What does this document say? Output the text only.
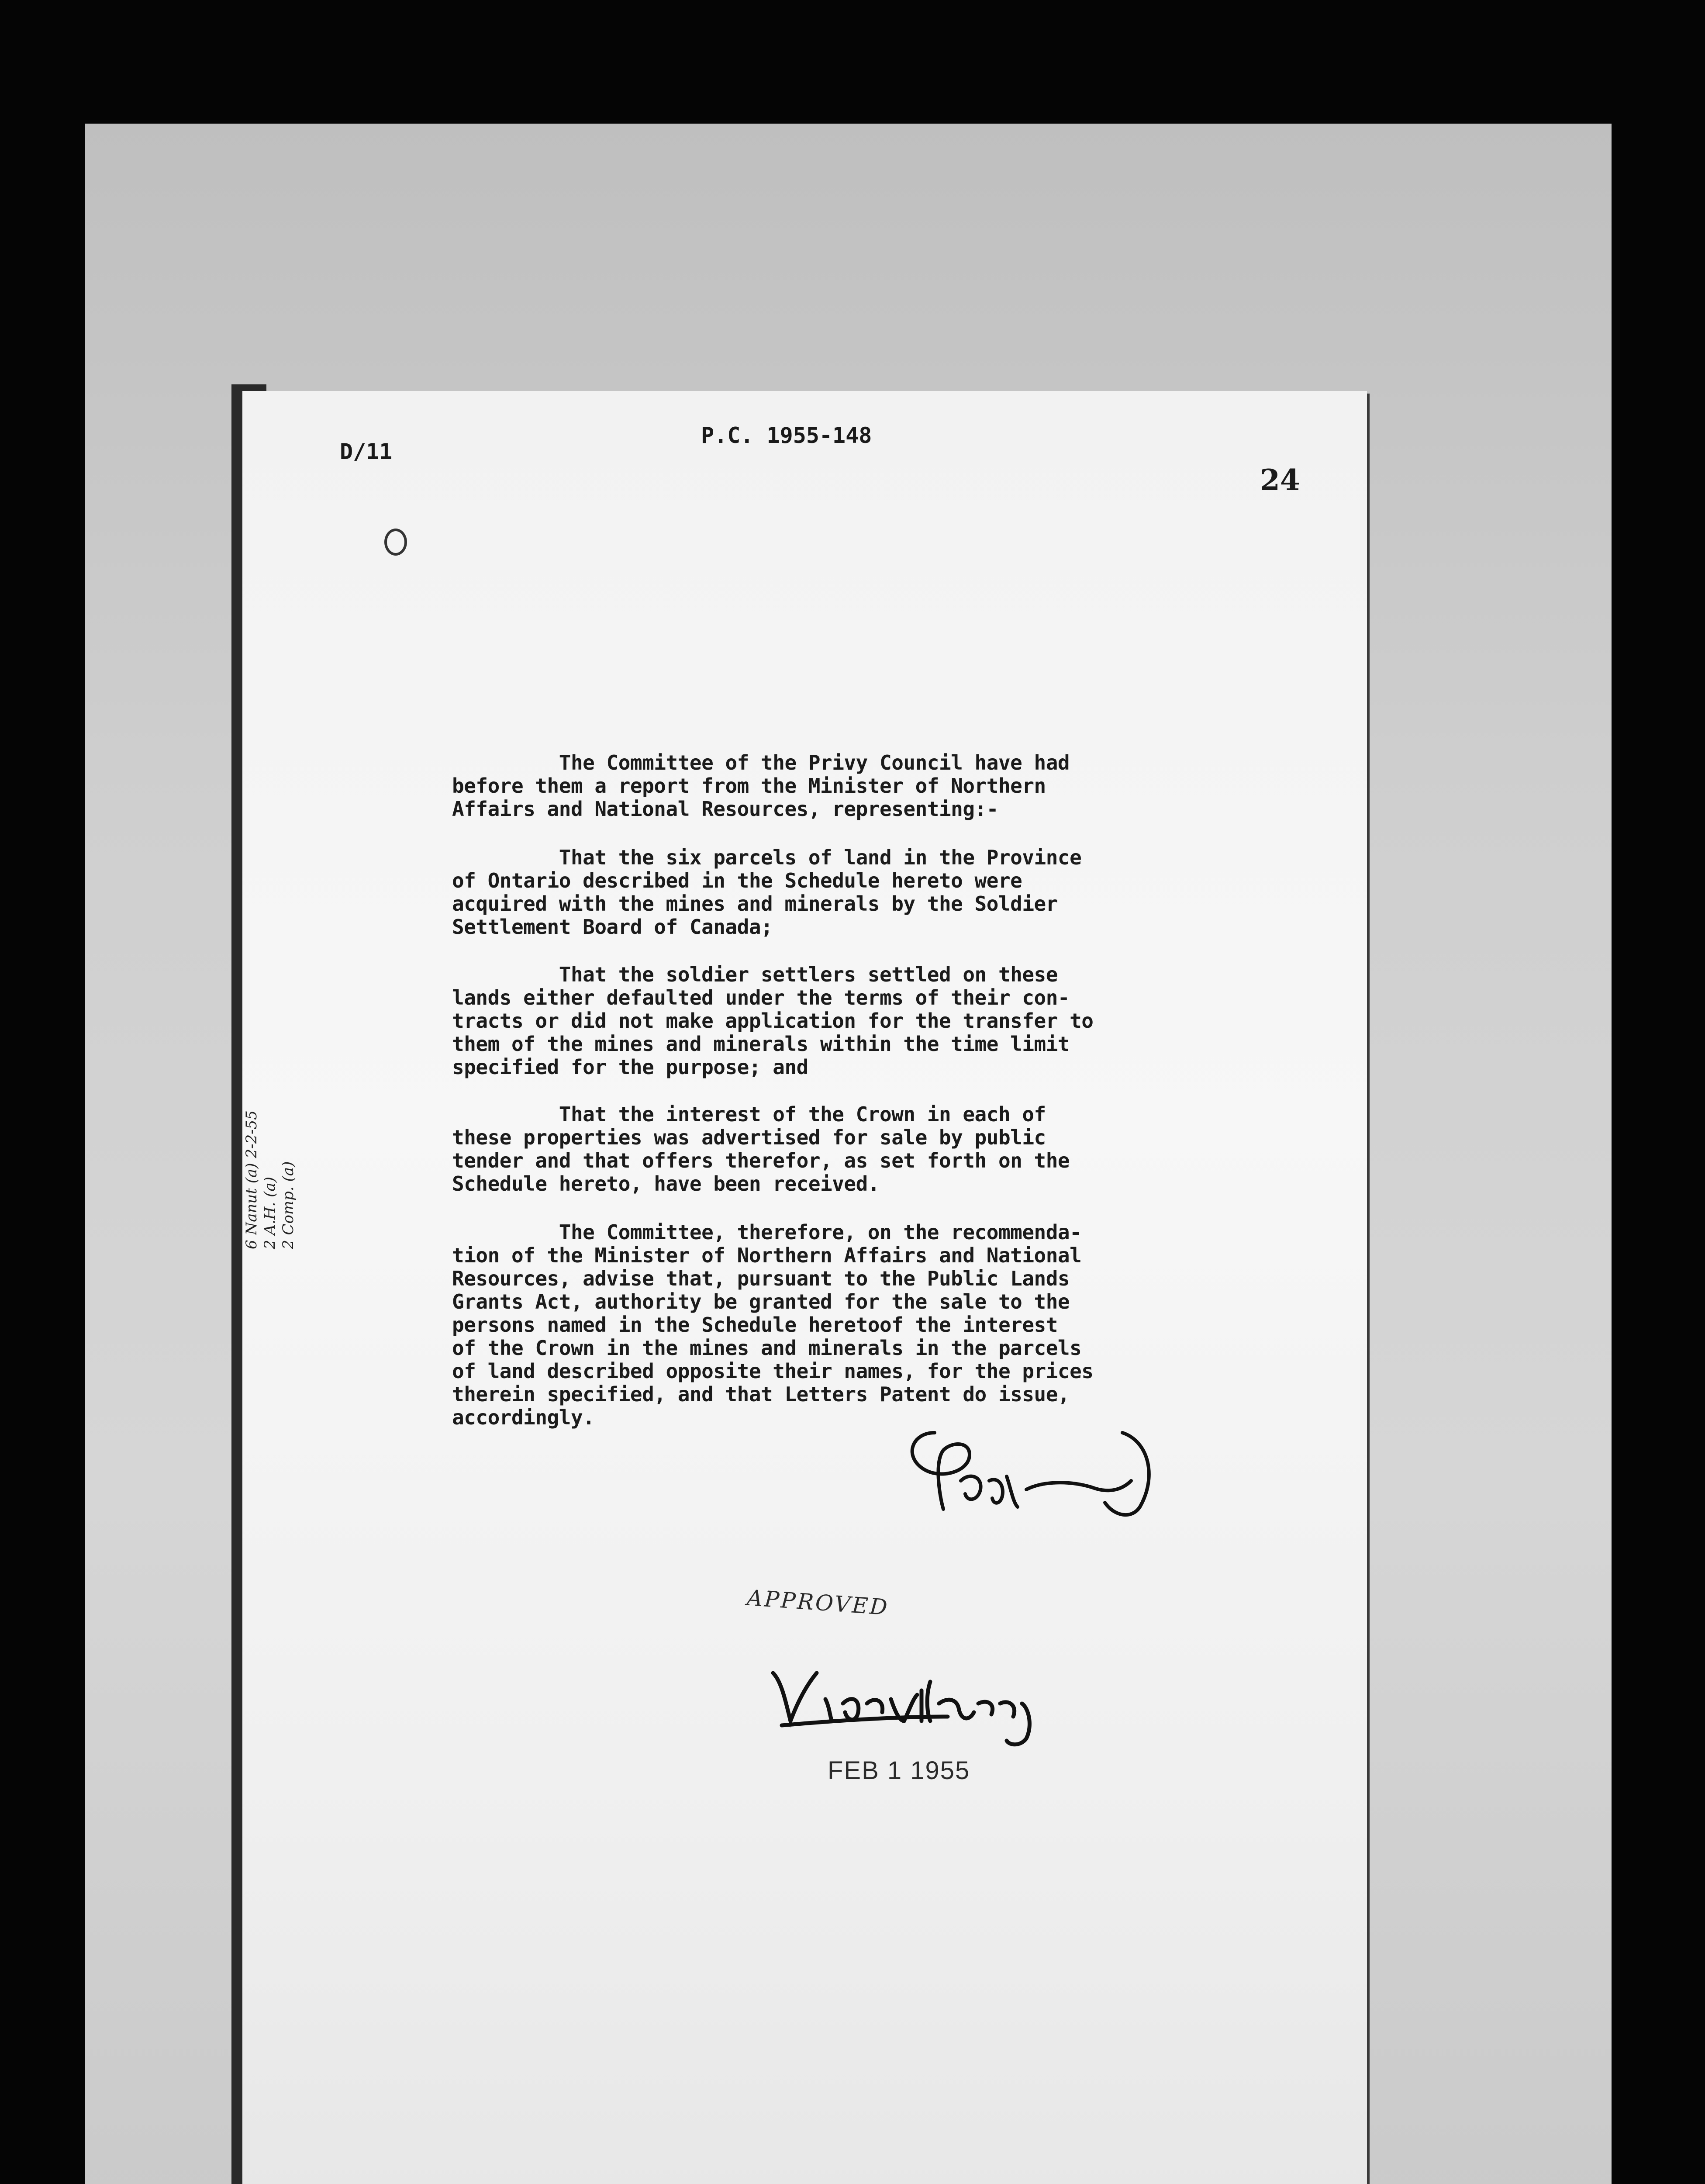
D/11
P.C. 1955-148
24
The Committee of the Privy Council have had
before them a report from the Minister of Northern
Affairs and National Resources, representing:-
That the six parcels of land in the Province
of Ontario described in the Schedule hereto were
acquired with the mines and minerals by the Soldier
Settlement Board of Canada;
That the soldier settlers settled on these
lands either defaulted under the terms of their con-
tracts or did not make application for the transfer to
them of the mines and minerals within the time limit
specified for the purpose; and
That the interest of the Crown in each of
these properties was advertised for sale by public
tender and that offers therefor, as set forth on the
Schedule hereto, have been received.
The Committee, therefore, on the recommenda-
tion of the Minister of Northern Affairs and National
Resources, advise that, pursuant to the Public Lands
Grants Act, authority be granted for the sale to the
persons named in the Schedule heretoof the interest
of the Crown in the mines and minerals in the parcels
of land described opposite their names, for the prices
therein specified, and that Letters Patent do issue,
accordingly.
6 Nanut (a) 2-2-55 2 A.H. (a) 2 Comp. (a)
APPROVED
FEB 1 1955
